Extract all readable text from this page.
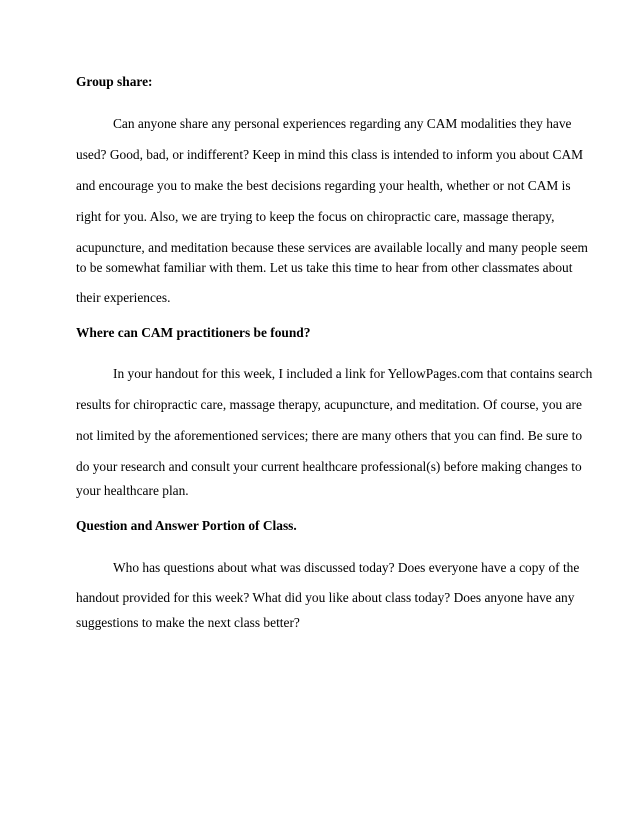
Group share:
Can anyone share any personal experiences regarding any CAM modalities they have
used? Good, bad, or indifferent? Keep in mind this class is intended to inform you about CAM
and encourage you to make the best decisions regarding your health, whether or not CAM is
right for you. Also, we are trying to keep the focus on chiropractic care, massage therapy,
acupuncture, and meditation because these services are available locally and many people seem
to be somewhat familiar with them. Let us take this time to hear from other classmates about
their experiences.
Where can CAM practitioners be found?
In your handout for this week, I included a link for YellowPages.com that contains search
results for chiropractic care, massage therapy, acupuncture, and meditation. Of course, you are
not limited by the aforementioned services; there are many others that you can find. Be sure to
do your research and consult your current healthcare professional(s) before making changes to
your healthcare plan.
Question and Answer Portion of Class.
Who has questions about what was discussed today? Does everyone have a copy of the
handout provided for this week? What did you like about class today? Does anyone have any
suggestions to make the next class better?
